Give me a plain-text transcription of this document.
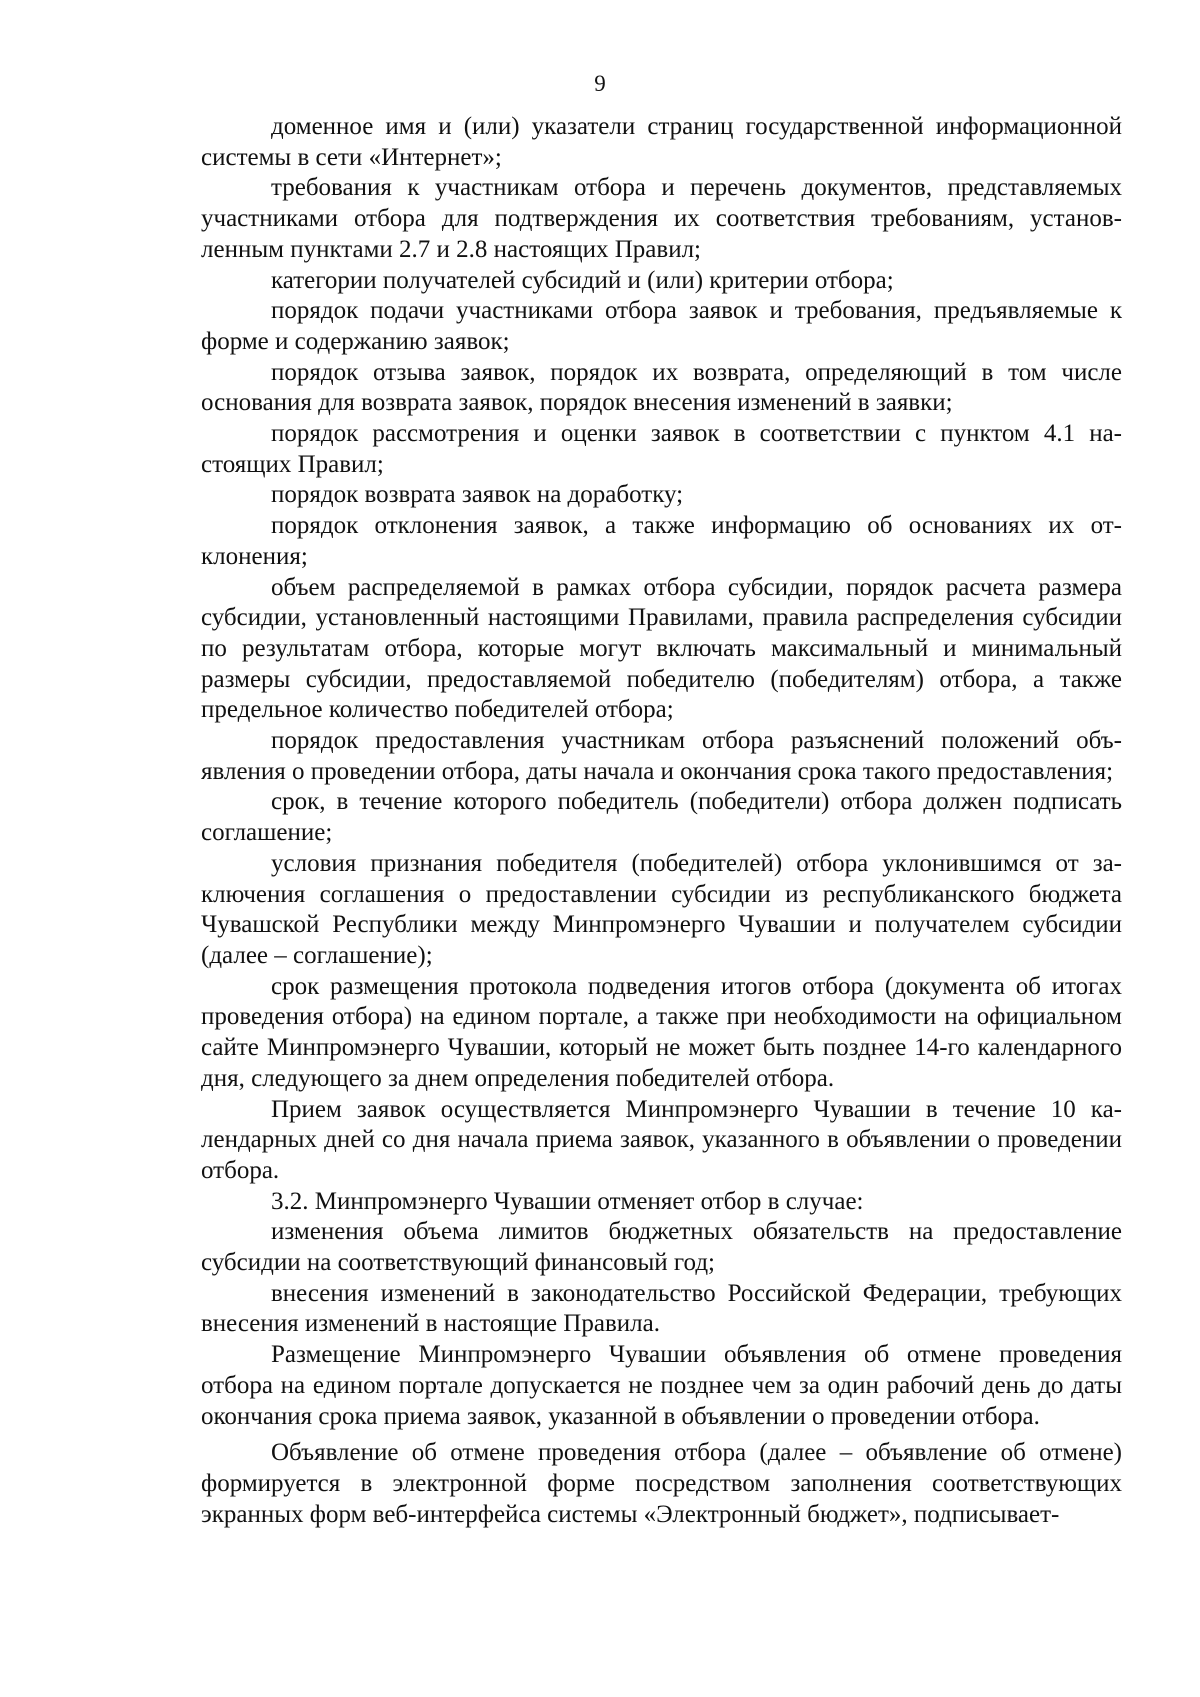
9

доменное имя и (или) указатели страниц государственной информационной системы в сети «Интернет»;

требования к участникам отбора и перечень документов, представляемых участниками отбора для подтверждения их соответствия требованиям, установленным пунктами 2.7 и 2.8 настоящих Правил;

категории получателей субсидий и (или) критерии отбора;

порядок подачи участниками отбора заявок и требования, предъявляемые к форме и содержанию заявок;

порядок отзыва заявок, порядок их возврата, определяющий в том числе основания для возврата заявок, порядок внесения изменений в заявки;

порядок рассмотрения и оценки заявок в соответствии с пунктом 4.1 настоящих Правил;

порядок возврата заявок на доработку;

порядок отклонения заявок, а также информацию об основаниях их отклонения;

объем распределяемой в рамках отбора субсидии, порядок расчета размера субсидии, установленный настоящими Правилами, правила распределения субсидии по результатам отбора, которые могут включать максимальный и минимальный размеры субсидии, предоставляемой победителю (победителям) отбора, а также предельное количество победителей отбора;

порядок предоставления участникам отбора разъяснений положений объявления о проведении отбора, даты начала и окончания срока такого предоставления;

срок, в течение которого победитель (победители) отбора должен подписать соглашение;

условия признания победителя (победителей) отбора уклонившимся от заключения соглашения о предоставлении субсидии из республиканского бюджета Чувашской Республики между Минпромэнерго Чувашии и получателем субсидии (далее – соглашение);

срок размещения протокола подведения итогов отбора (документа об итогах проведения отбора) на едином портале, а также при необходимости на официальном сайте Минпромэнерго Чувашии, который не может быть позднее 14-го календарного дня, следующего за днем определения победителей отбора.

Прием заявок осуществляется Минпромэнерго Чувашии в течение 10 календарных дней со дня начала приема заявок, указанного в объявлении о проведении отбора.

3.2. Минпромэнерго Чувашии отменяет отбор в случае:

изменения объема лимитов бюджетных обязательств на предоставление субсидии на соответствующий финансовый год;

внесения изменений в законодательство Российской Федерации, требующих внесения изменений в настоящие Правила.

Размещение Минпромэнерго Чувашии объявления об отмене проведения отбора на едином портале допускается не позднее чем за один рабочий день до даты окончания срока приема заявок, указанной в объявлении о проведении отбора.

Объявление об отмене проведения отбора (далее – объявление об отмене) формируется в электронной форме посредством заполнения соответствующих экранных форм веб-интерфейса системы «Электронный бюджет», подписывает-
